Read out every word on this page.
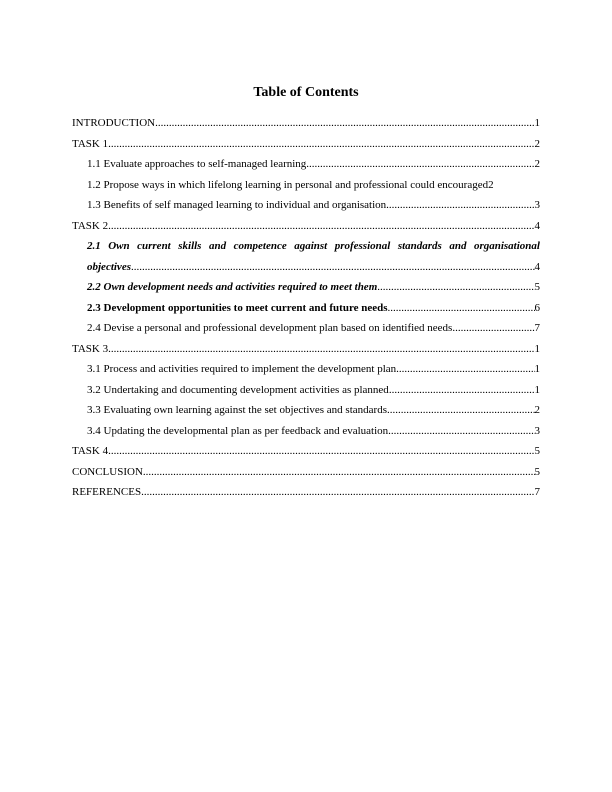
Table of Contents
INTRODUCTION .....	1
TASK 1 .....	2
1.1 Evaluate approaches to self-managed learning .....	2
1.2 Propose ways in which lifelong learning in personal and professional could encouraged 2
1.3 Benefits of self managed learning to individual and organisation .....	3
TASK 2 .....	4
2.1 Own current skills and competence against professional standards and organisational
objectives .....	4
2.2 Own development needs and activities required to meet them .....	5
2.3 Development opportunities to meet current and future needs .....	6
2.4 Devise a personal and professional development plan based on identified needs .....	7
TASK 3 .....	1
3.1 Process and activities required to implement the development plan .....	1
3.2 Undertaking and documenting development activities as planned .....	1
3.3 Evaluating own learning against the set objectives and standards .....	2
3.4 Updating the developmental plan as per feedback and evaluation .....	3
TASK 4 .....	5
CONCLUSION .....	5
REFERENCES .....	7
